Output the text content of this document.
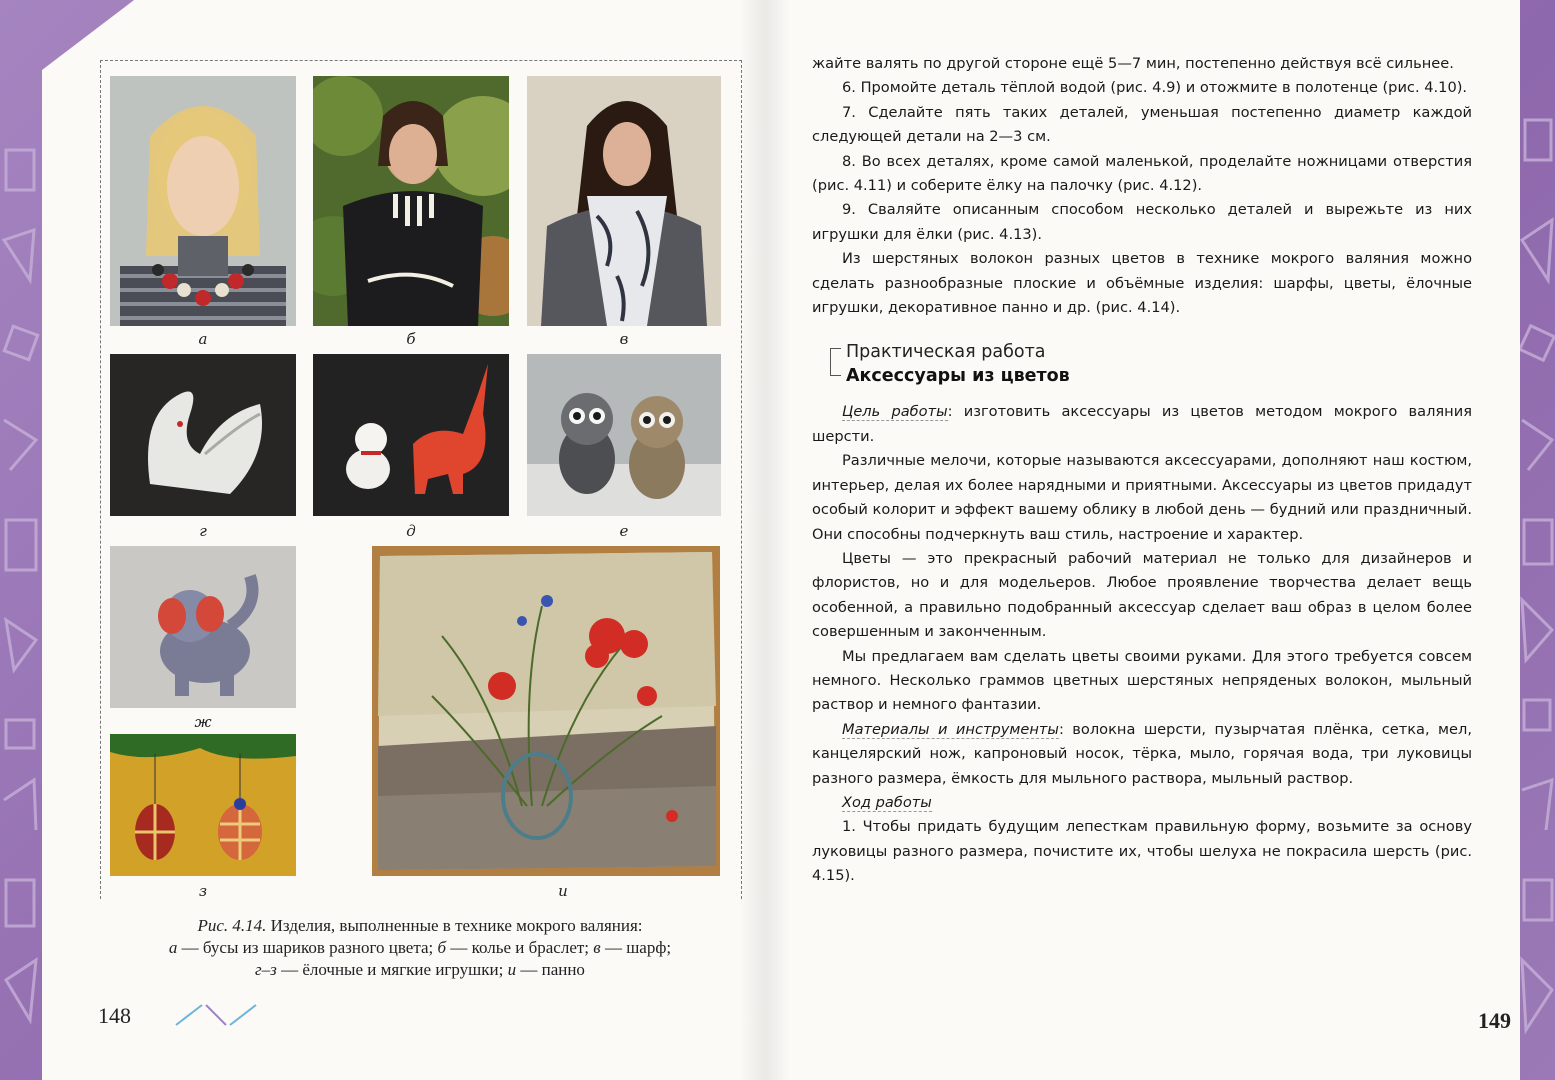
а	б	в
г	д	е
ж
з	и
Рис. 4.14. Изделия, выполненные в технике мокрого валяния:
а — бусы из шариков разного цвета; б — колье и браслет; в — шарф;
г–з — ёлочные и мягкие игрушки; и — панно
148

жайте валять по другой стороне ещё 5—7 мин, постепенно действуя всё сильнее.

6. Промойте деталь тёплой водой (рис. 4.9) и отожмите в полотенце (рис. 4.10).

7. Сделайте пять таких деталей, уменьшая постепенно диаметр каждой следующей детали на 2—3 см.

8. Во всех деталях, кроме самой маленькой, проделайте ножницами отверстия (рис. 4.11) и соберите ёлку на палочку (рис. 4.12).

9. Сваляйте описанным способом несколько деталей и вырежьте из них игрушки для ёлки (рис. 4.13).

Из шерстяных волокон разных цветов в технике мокрого валяния можно сделать разнообразные плоские и объёмные изделия: шарфы, цветы, ёлочные игрушки, декоративное панно и др. (рис. 4.14).

Практическая работа
Аксессуары из цветов

Цель работы: изготовить аксессуары из цветов методом мокрого валяния шерсти.

Различные мелочи, которые называются аксессуарами, дополняют наш костюм, интерьер, делая их более нарядными и приятными. Аксессуары из цветов придадут особый колорит и эффект вашему облику в любой день — будний или праздничный. Они способны подчеркнуть ваш стиль, настроение и характер.

Цветы — это прекрасный рабочий материал не только для дизайнеров и флористов, но и для модельеров. Любое проявление творчества делает вещь особенной, а правильно подобранный аксессуар сделает ваш образ в целом более совершенным и законченным.

Мы предлагаем вам сделать цветы своими руками. Для этого требуется совсем немного. Несколько граммов цветных шерстяных непряденых волокон, мыльный раствор и немного фантазии.

Материалы и инструменты: волокна шерсти, пузырчатая плёнка, сетка, мел, канцелярский нож, капроновый носок, тёрка, мыло, горячая вода, три луковицы разного размера, ёмкость для мыльного раствора, мыльный раствор.

Ход работы

1. Чтобы придать будущим лепесткам правильную форму, возьмите за основу луковицы разного размера, почистите их, чтобы шелуха не покрасила шерсть (рис. 4.15).

149
